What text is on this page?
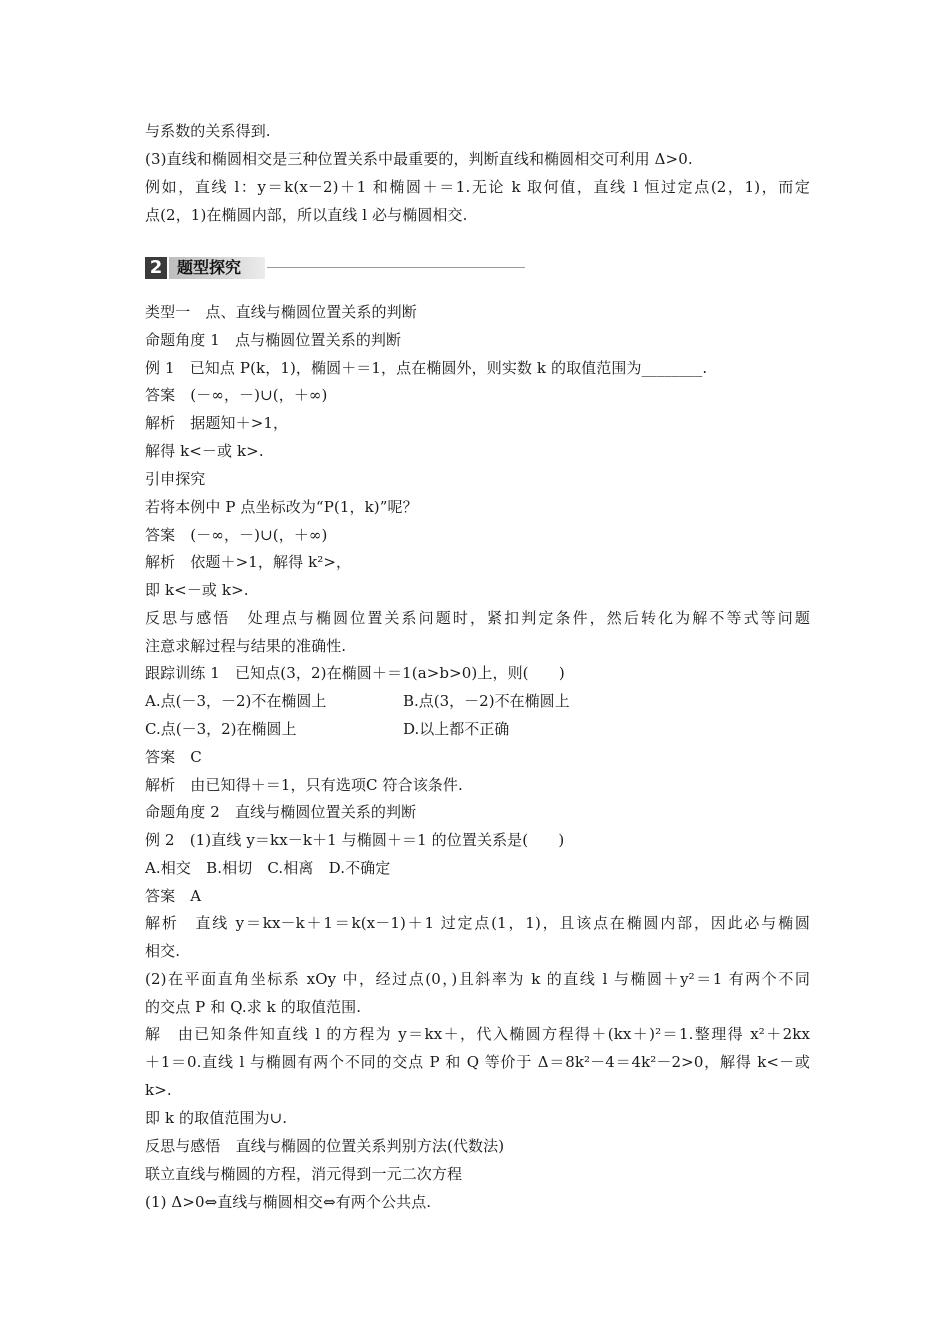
与系数的关系得到.
(3)直线和椭圆相交是三种位置关系中最重要的，判断直线和椭圆相交可利用 Δ>0.
例如，直线 l：y＝k(x－2)＋1 和椭圆＋＝1.无论 k 取何值，直线 l 恒过定点(2，1)，而定
点(2，1)在椭圆内部，所以直线 l 必与椭圆相交.
2 题型探究
类型一　点、直线与椭圆位置关系的判断
命题角度 1　点与椭圆位置关系的判断
例 1　已知点 P(k，1)，椭圆＋＝1，点在椭圆外，则实数 k 的取值范围为________.
答案　(－∞，－)∪(，＋∞)
解析　据题知＋>1，
解得 k<－或 k>.
引申探究
若将本例中 P 点坐标改为“P(1，k)”呢？
答案　(－∞，－)∪(，＋∞)
解析　依题＋>1，解得 k²>，
即 k<－或 k>.
反思与感悟　处理点与椭圆位置关系问题时，紧扣判定条件，然后转化为解不等式等问题
注意求解过程与结果的准确性.
跟踪训练 1　已知点(3，2)在椭圆＋＝1(a>b>0)上，则(　　)
A.点(－3，－2)不在椭圆上	B.点(3，－2)不在椭圆上
C.点(－3，2)在椭圆上	D.以上都不正确
答案　C
解析　由已知得＋＝1，只有选项C 符合该条件.
命题角度 2　直线与椭圆位置关系的判断
例 2　(1)直线 y＝kx－k＋1 与椭圆＋＝1 的位置关系是(　　)
A.相交　B.相切　C.相离　D.不确定
答案　A
解析　直线 y＝kx－k＋1＝k(x－1)＋1 过定点(1，1)，且该点在椭圆内部，因此必与椭圆
相交.
(2)在平面直角坐标系 xOy 中，经过点(0，)且斜率为 k 的直线 l 与椭圆＋y²＝1 有两个不同
的交点 P 和 Q.求 k 的取值范围.
解　由已知条件知直线 l 的方程为 y＝kx＋，代入椭圆方程得＋(kx＋)²＝1.整理得 x²＋2kx
＋1＝0.直线 l 与椭圆有两个不同的交点 P 和 Q 等价于 Δ＝8k²－4＝4k²－2>0，解得 k<－或
k>.
即 k 的取值范围为∪.
反思与感悟　直线与椭圆的位置关系判别方法(代数法)
联立直线与椭圆的方程，消元得到一元二次方程
(1) Δ>0⇔直线与椭圆相交⇔有两个公共点.
